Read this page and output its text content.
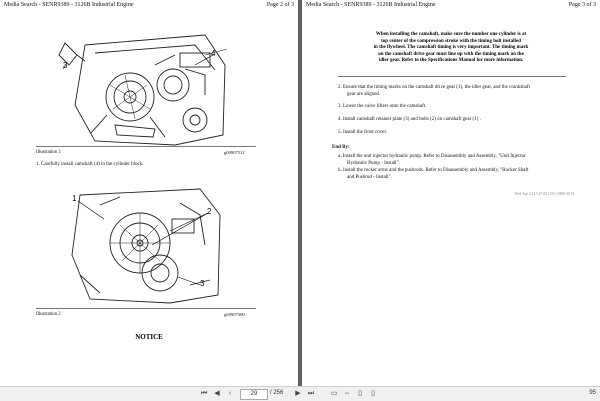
Media Search - SENR9389 - 3126B Industrial Engine	Page 2 of 3
3
4
Illustration 3	g00907512
1. Carefully install camshaft (4) in the cylinder block.
1
2
3
Illustration 2	g00907300
NOTICE
Media Search - SENR9389 - 3126B Industrial Engine	Page 3 of 3
When installing the camshaft, make sure the number one cylinder is at
top center of the compression stroke with the timing bolt installed
in the flywheel. The camshaft timing is very important. The timing mark
on the camshaft drive gear must line up with the timing mark on the
idler gear. Refer to the Specifications Manual for more information.
2. Ensure that the timing marks on the camshaft drive gear (1), the idler gear, and the crankshaft
gear are aligned.
3. Lower the valve lifters onto the camshaft.
4. Install camshaft retainer plate (3) and bolts (2) on camshaft gear (1) .
5. Install the front cover.
End By:
a. Install the unit injector hydraulic pump. Refer to Disassembly and Assembly, "Unit Injector
Hydraulic Pump - Install".
b. Install the rocker arms and the pushrods. Refer to Disassembly and Assembly, "Rocker Shaft
and Pushrod - Install".
Wed Apr 24 15:37:05 UTC+0800 2019
⏮ ◀	‹	29	/ 256 ▶ ⏭ ▭ ⇔ ▯ ▯	95
